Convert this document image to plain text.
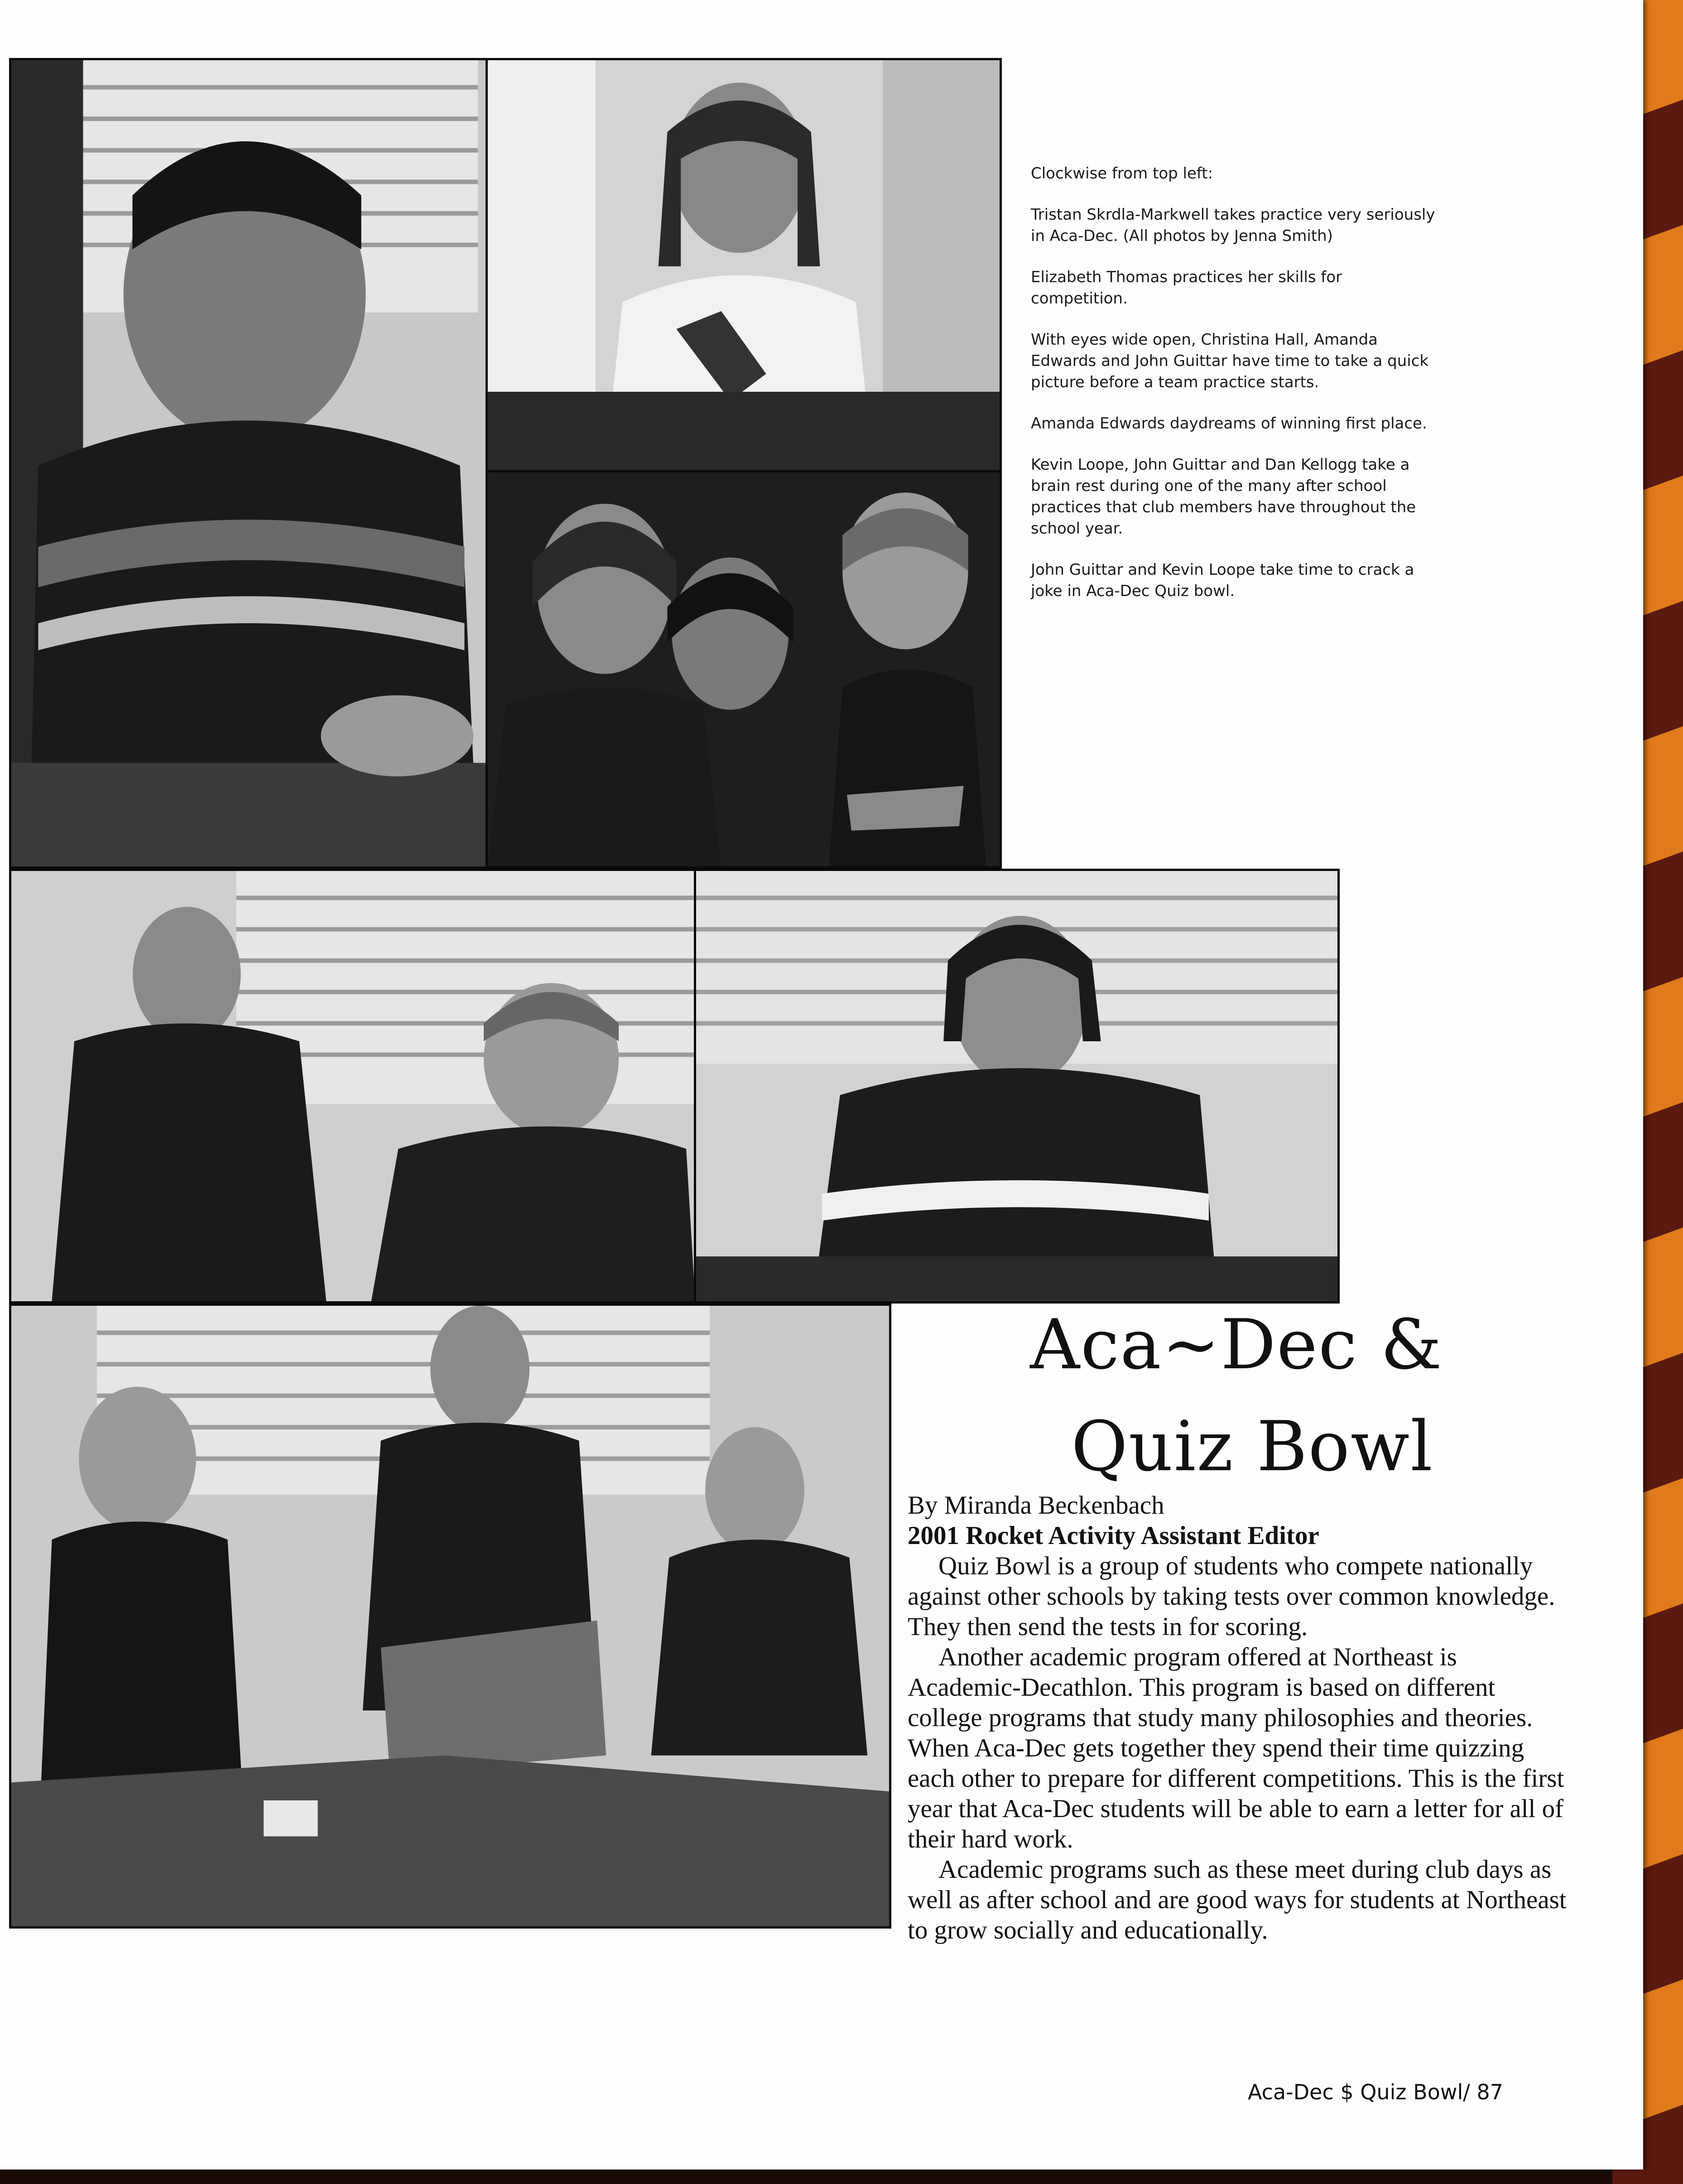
Clockwise from top left:

Tristan Skrdla-Markwell takes practice very seriously in Aca-Dec. (All photos by Jenna Smith)

Elizabeth Thomas practices her skills for competition.

With eyes wide open, Christina Hall, Amanda Edwards and John Guittar have time to take a quick picture before a team practice starts.

Amanda Edwards daydreams of winning first place.

Kevin Loope, John Guittar and Dan Kellogg take a brain rest during one of the many after school practices that club members have throughout the school year.

John Guittar and Kevin Loope take time to crack a joke in Aca-Dec Quiz bowl.

Aca~Dec &
Quiz Bowl
By Miranda Beckenbach
2001 Rocket Activity Assistant Editor

Quiz Bowl is a group of students who compete nationally against other schools by taking tests over common knowledge. They then send the tests in for scoring.

Another academic program offered at Northeast is Academic-Decathlon. This program is based on different college programs that study many philosophies and theories. When Aca-Dec gets together they spend their time quizzing each other to prepare for different competitions. This is the first year that Aca-Dec students will be able to earn a letter for all of their hard work.

Academic programs such as these meet during club days as well as after school and are good ways for students at Northeast to grow socially and educationally.

Aca-Dec $ Quiz Bowl/ 87
